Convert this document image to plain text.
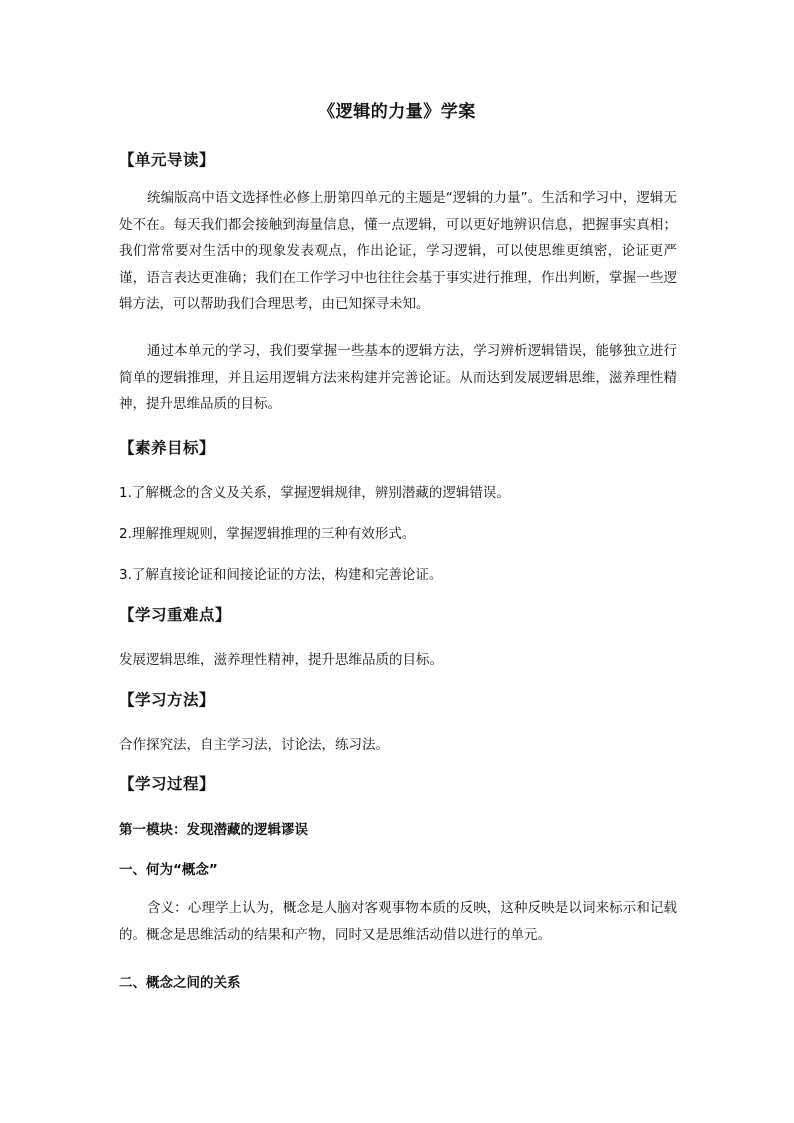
《逻辑的力量》学案
【单元导读】
统编版高中语文选择性必修上册第四单元的主题是“逻辑的力量”。生活和学习中，逻辑无处不在。每天我们都会接触到海量信息，懂一点逻辑，可以更好地辨识信息，把握事实真相；我们常常要对生活中的现象发表观点，作出论证，学习逻辑，可以使思维更缜密，论证更严谨，语言表达更准确；我们在工作学习中也往往会基于事实进行推理，作出判断，掌握一些逻辑方法，可以帮助我们合理思考，由已知探寻未知。
通过本单元的学习，我们要掌握一些基本的逻辑方法，学习辨析逻辑错误，能够独立进行简单的逻辑推理，并且运用逻辑方法来构建并完善论证。从而达到发展逻辑思维，滋养理性精神，提升思维品质的目标。
【素养目标】
1.了解概念的含义及关系，掌握逻辑规律，辨别潜藏的逻辑错误。
2.理解推理规则，掌握逻辑推理的三种有效形式。
3.了解直接论证和间接论证的方法，构建和完善论证。
【学习重难点】
发展逻辑思维，滋养理性精神，提升思维品质的目标。
【学习方法】
合作探究法，自主学习法，讨论法，练习法。
【学习过程】
第一模块：发现潜藏的逻辑谬误
一、何为“概念”
含义：心理学上认为，概念是人脑对客观事物本质的反映，这种反映是以词来标示和记载的。概念是思维活动的结果和产物，同时又是思维活动借以进行的单元。
二、概念之间的关系
